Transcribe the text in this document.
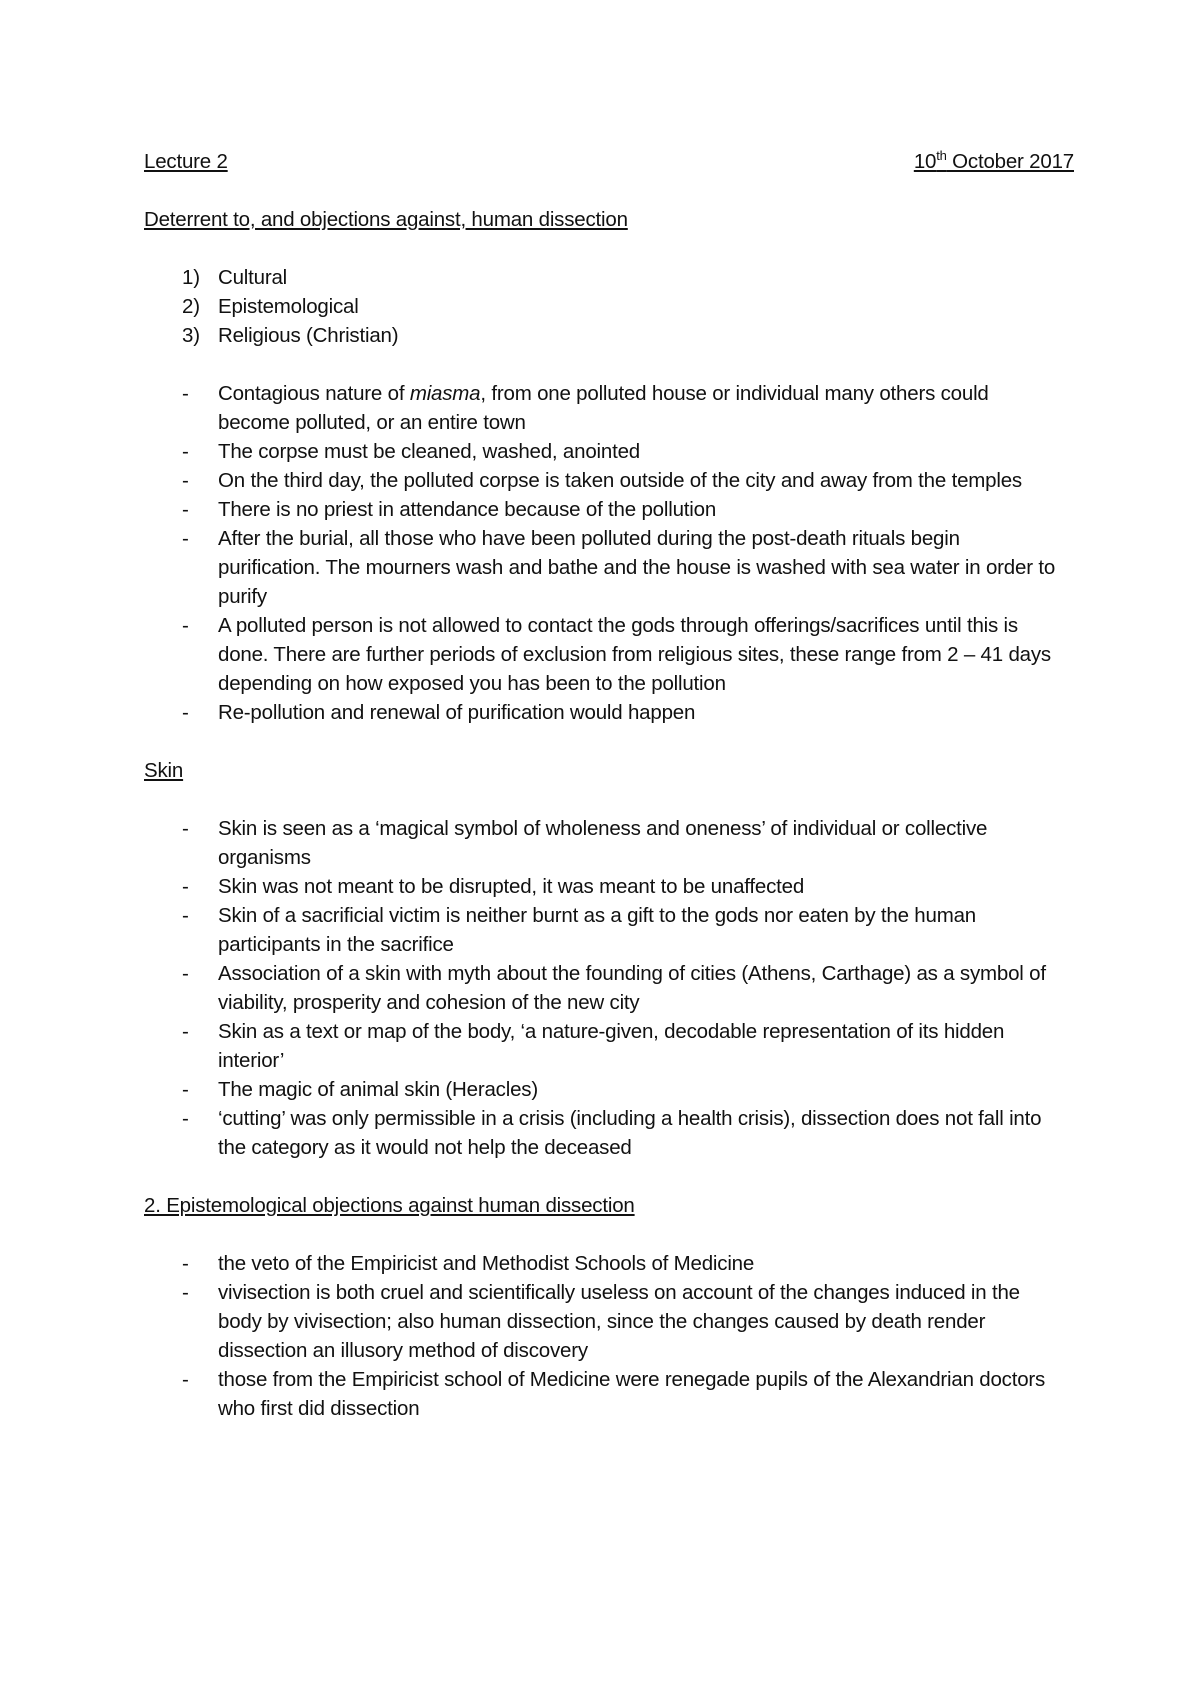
Lecture 2	10th October 2017

Deterrent to, and objections against, human dissection

1) Cultural
2) Epistemological
3) Religious (Christian)
- Contagious nature of miasma, from one polluted house or individual many others could become polluted, or an entire town
- The corpse must be cleaned, washed, anointed
- On the third day, the polluted corpse is taken outside of the city and away from the temples
- There is no priest in attendance because of the pollution
- After the burial, all those who have been polluted during the post-death rituals begin purification. The mourners wash and bathe and the house is washed with sea water in order to purify
- A polluted person is not allowed to contact the gods through offerings/sacrifices until this is done. There are further periods of exclusion from religious sites, these range from 2 – 41 days depending on how exposed you has been to the pollution
- Re-pollution and renewal of purification would happen

Skin

- Skin is seen as a ‘magical symbol of wholeness and oneness’ of individual or collective organisms
- Skin was not meant to be disrupted, it was meant to be unaffected
- Skin of a sacrificial victim is neither burnt as a gift to the gods nor eaten by the human participants in the sacrifice
- Association of a skin with myth about the founding of cities (Athens, Carthage) as a symbol of viability, prosperity and cohesion of the new city
- Skin as a text or map of the body, ‘a nature-given, decodable representation of its hidden interior’
- The magic of animal skin (Heracles)
- ‘cutting’ was only permissible in a crisis (including a health crisis), dissection does not fall into the category as it would not help the deceased

2. Epistemological objections against human dissection

- the veto of the Empiricist and Methodist Schools of Medicine
- vivisection is both cruel and scientifically useless on account of the changes induced in the body by vivisection; also human dissection, since the changes caused by death render dissection an illusory method of discovery
- those from the Empiricist school of Medicine were renegade pupils of the Alexandrian doctors who first did dissection
